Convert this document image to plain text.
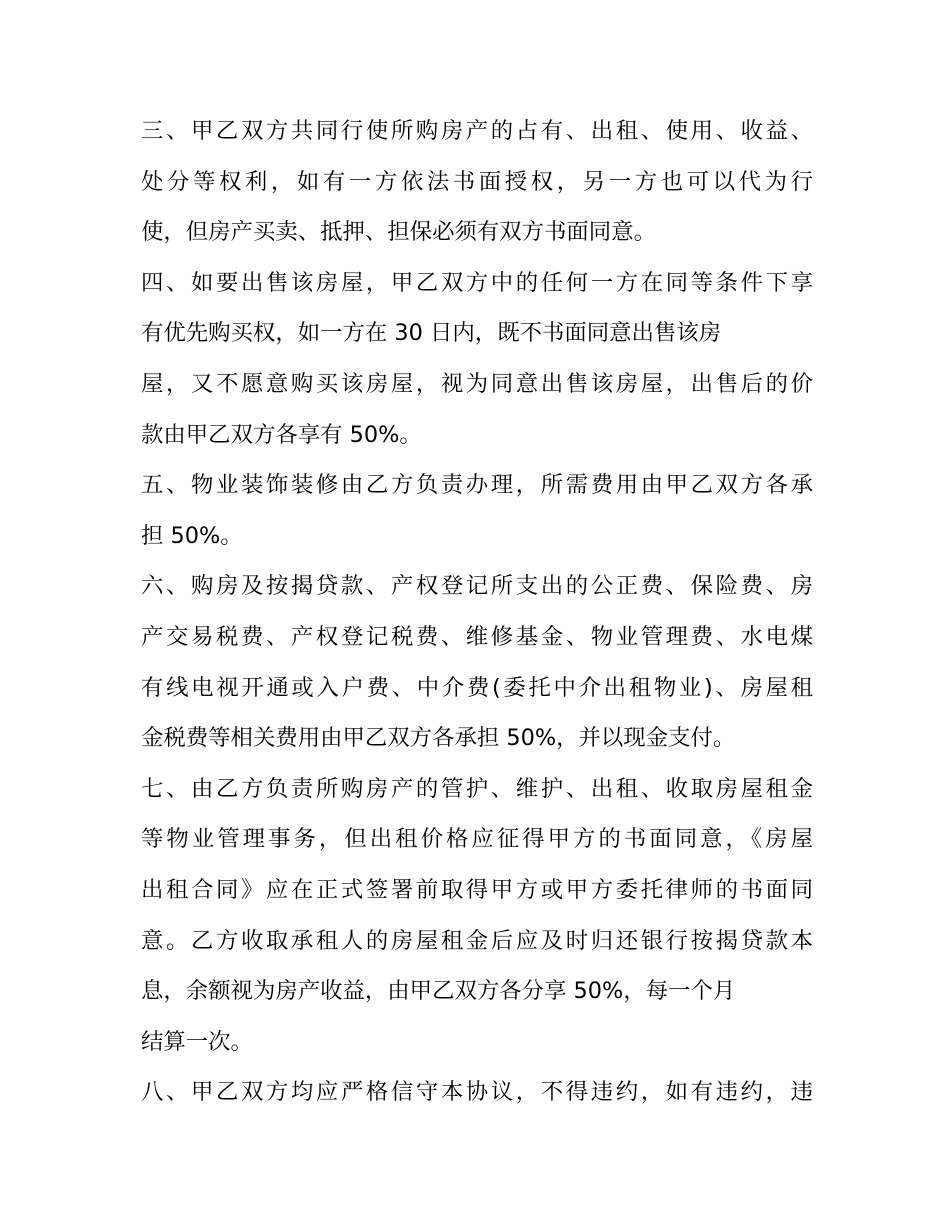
三、甲乙双方共同行使所购房产的占有、出租、使用、收益、
处分等权利，如有一方依法书面授权，另一方也可以代为行
使，但房产买卖、抵押、担保必须有双方书面同意。
四、如要出售该房屋，甲乙双方中的任何一方在同等条件下享
有优先购买权，如一方在 30 日内，既不书面同意出售该房
屋，又不愿意购买该房屋，视为同意出售该房屋，出售后的价
款由甲乙双方各享有 50%。
五、物业装饰装修由乙方负责办理，所需费用由甲乙双方各承
担 50%。
六、购房及按揭贷款、产权登记所支出的公正费、保险费、房
产交易税费、产权登记税费、维修基金、物业管理费、水电煤
有线电视开通或入户费、中介费(委托中介出租物业)、房屋租
金税费等相关费用由甲乙双方各承担 50%，并以现金支付。
七、由乙方负责所购房产的管护、维护、出租、收取房屋租金
等物业管理事务，但出租价格应征得甲方的书面同意，《房屋
出租合同》应在正式签署前取得甲方或甲方委托律师的书面同
意。乙方收取承租人的房屋租金后应及时归还银行按揭贷款本
息，余额视为房产收益，由甲乙双方各分享 50%，每一个月
结算一次。
八、甲乙双方均应严格信守本协议，不得违约，如有违约，违
